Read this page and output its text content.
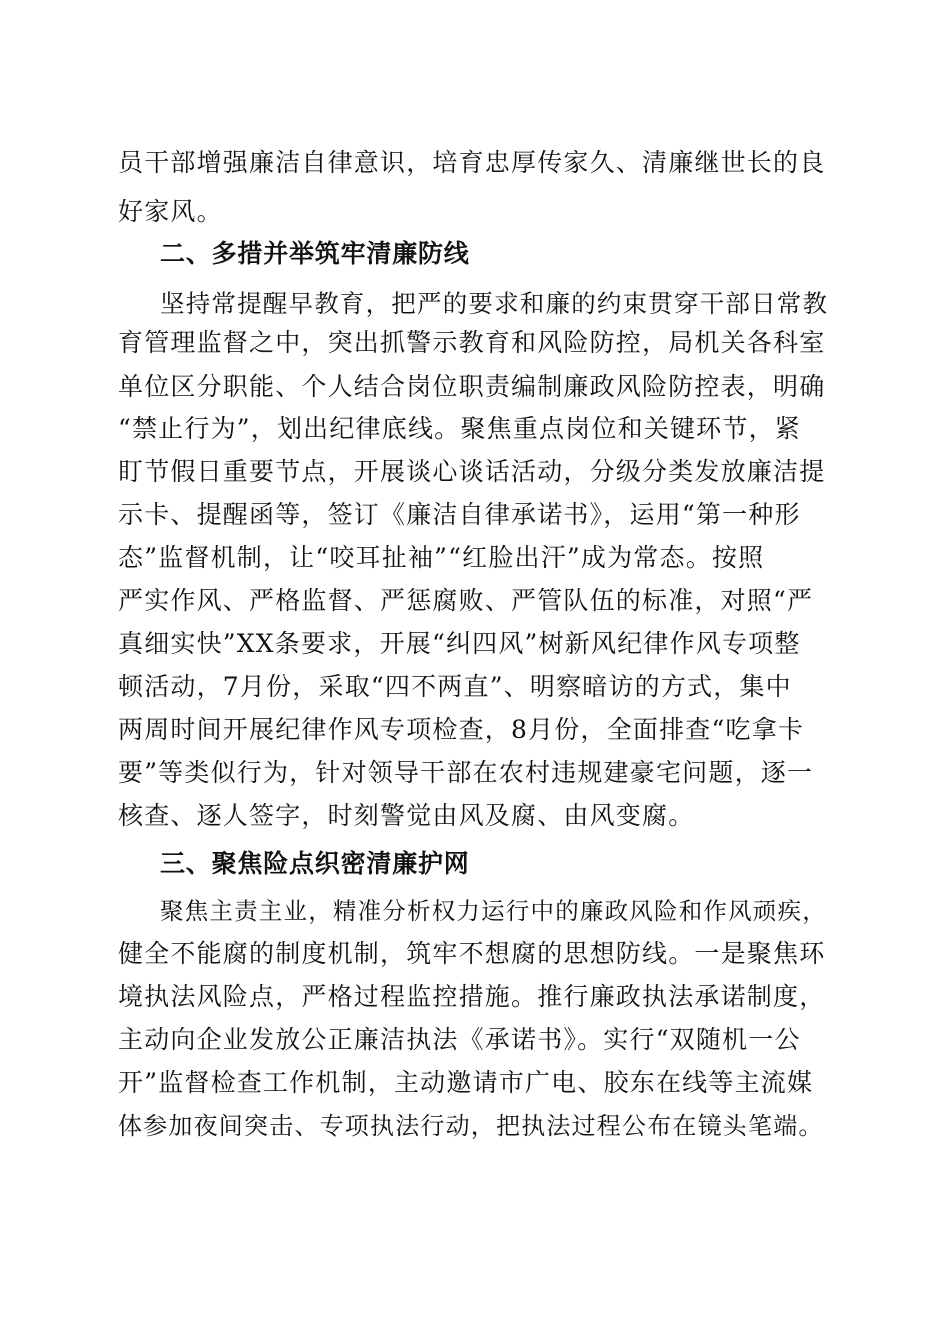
员干部增强廉洁自律意识，培育忠厚传家久、清廉继世长的良
好家风。
二、多措并举筑牢清廉防线
坚持常提醒早教育，把严的要求和廉的约束贯穿干部日常教
育管理监督之中，突出抓警示教育和风险防控，局机关各科室
单位区分职能、个人结合岗位职责编制廉政风险防控表，明确
“禁止行为”，划出纪律底线。聚焦重点岗位和关键环节，紧
盯节假日重要节点，开展谈心谈话活动，分级分类发放廉洁提
示卡、提醒函等，签订《廉洁自律承诺书》，运用“第一种形
态”监督机制，让“咬耳扯袖”“红脸出汗”成为常态。按照
严实作风、严格监督、严惩腐败、严管队伍的标准，对照“严
真细实快”XX条要求，开展“纠四风”树新风纪律作风专项整
顿活动，7月份，采取“四不两直”、明察暗访的方式，集中
两周时间开展纪律作风专项检查，8月份，全面排查“吃拿卡
要”等类似行为，针对领导干部在农村违规建豪宅问题，逐一
核查、逐人签字，时刻警觉由风及腐、由风变腐。
三、聚焦险点织密清廉护网
聚焦主责主业，精准分析权力运行中的廉政风险和作风顽疾，
健全不能腐的制度机制，筑牢不想腐的思想防线。一是聚焦环
境执法风险点，严格过程监控措施。推行廉政执法承诺制度，
主动向企业发放公正廉洁执法《承诺书》。实行“双随机一公
开”监督检查工作机制，主动邀请市广电、胶东在线等主流媒
体参加夜间突击、专项执法行动，把执法过程公布在镜头笔端。
